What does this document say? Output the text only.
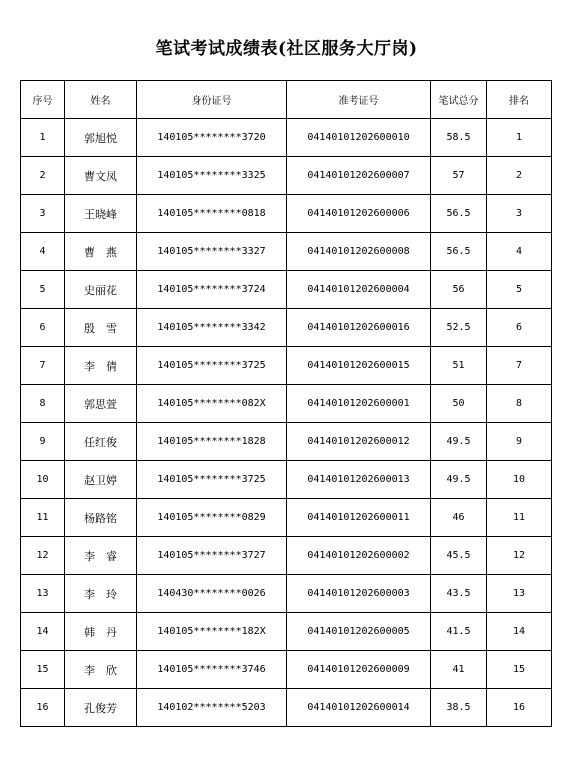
笔试考试成绩表(社区服务大厅岗)
序号	姓名	身份证号	准考证号	笔试总分	排名
1	郭旭悦	140105********3720	04140101202600010	58.5	1
2	曹文凤	140105********3325	04140101202600007	57	2
3	王晓峰	140105********0818	04140101202600006	56.5	3
4	曹　燕	140105********3327	04140101202600008	56.5	4
5	史丽花	140105********3724	04140101202600004	56	5
6	殷　雪	140105********3342	04140101202600016	52.5	6
7	李　倩	140105********3725	04140101202600015	51	7
8	郭思萱	140105********082X	04140101202600001	50	8
9	任红俊	140105********1828	04140101202600012	49.5	9
10	赵卫婷	140105********3725	04140101202600013	49.5	10
11	杨路铭	140105********0829	04140101202600011	46	11
12	李　睿	140105********3727	04140101202600002	45.5	12
13	李　玲	140430********0026	04140101202600003	43.5	13
14	韩　丹	140105********182X	04140101202600005	41.5	14
15	李　欣	140105********3746	04140101202600009	41	15
16	孔俊芳	140102********5203	04140101202600014	38.5	16
